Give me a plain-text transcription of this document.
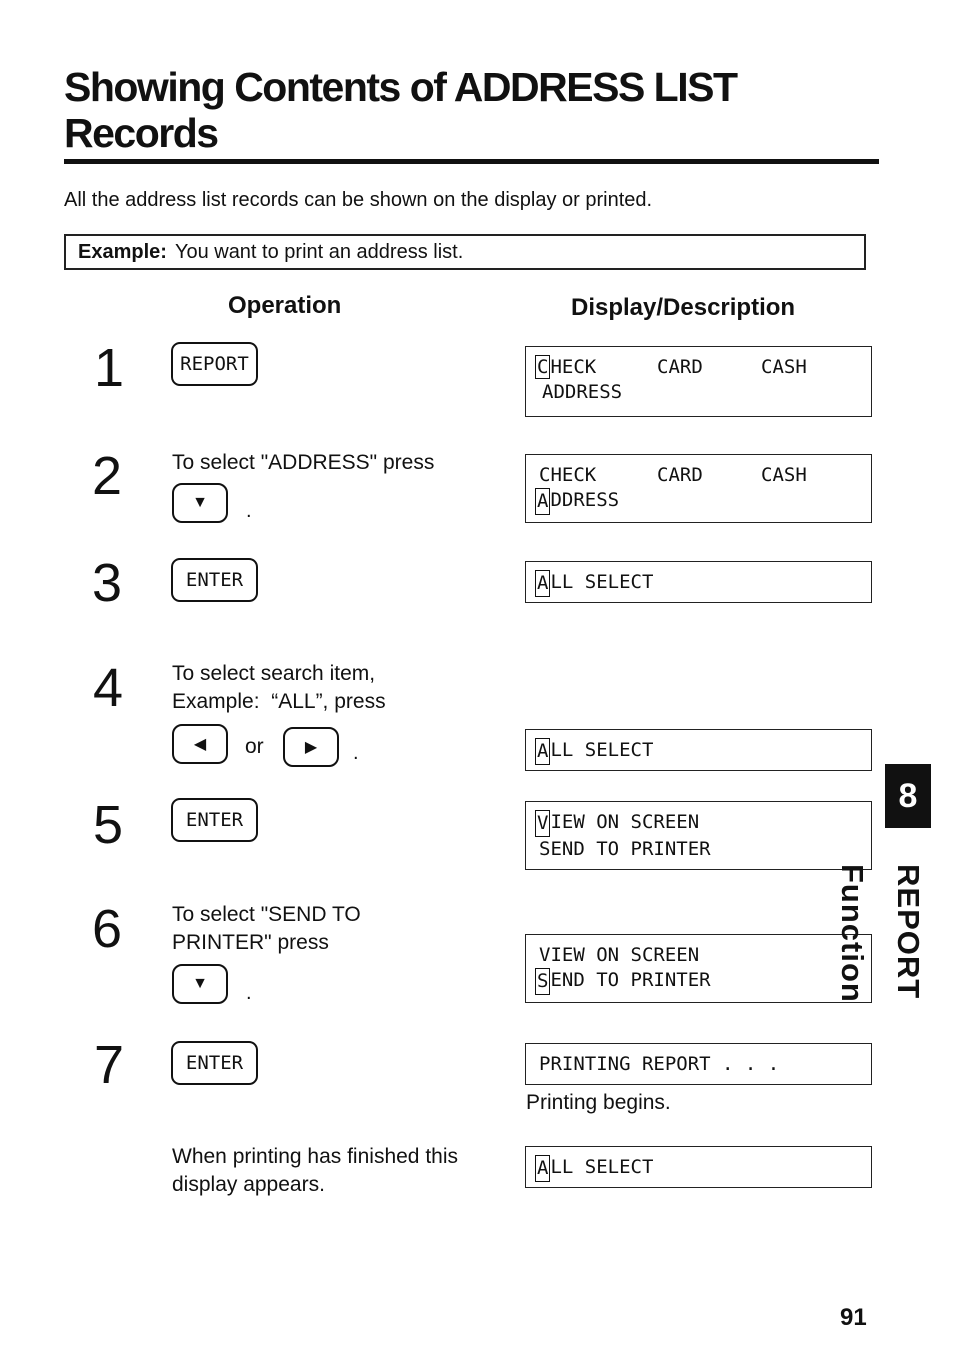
Showing Contents of ADDRESS LIST
Records
All the address list records can be shown on the display or printed.
Example: You want to print an address list.
Operation	Display/Description
1	REPORT	C HECK	CARD	CASH
ADDRESS
2	To select "ADDRESS" press
▼ .
CHECK	CARD	CASH
A DDRESS
3	ENTER	A LL SELECT
4	To select search item,
Example:  “ALL”, press
◀ or	▶ .	A LL SELECT
5	ENTER	V IEW ON SCREEN
SEND TO PRINTER
6	To select "SEND TO
PRINTER" press
▼ .
VIEW ON SCREEN
S END TO PRINTER
7	ENTER	PRINTING REPORT . . .
Printing begins.
When printing has finished this
display appears.
A LL SELECT
8
REPORT Function
91
